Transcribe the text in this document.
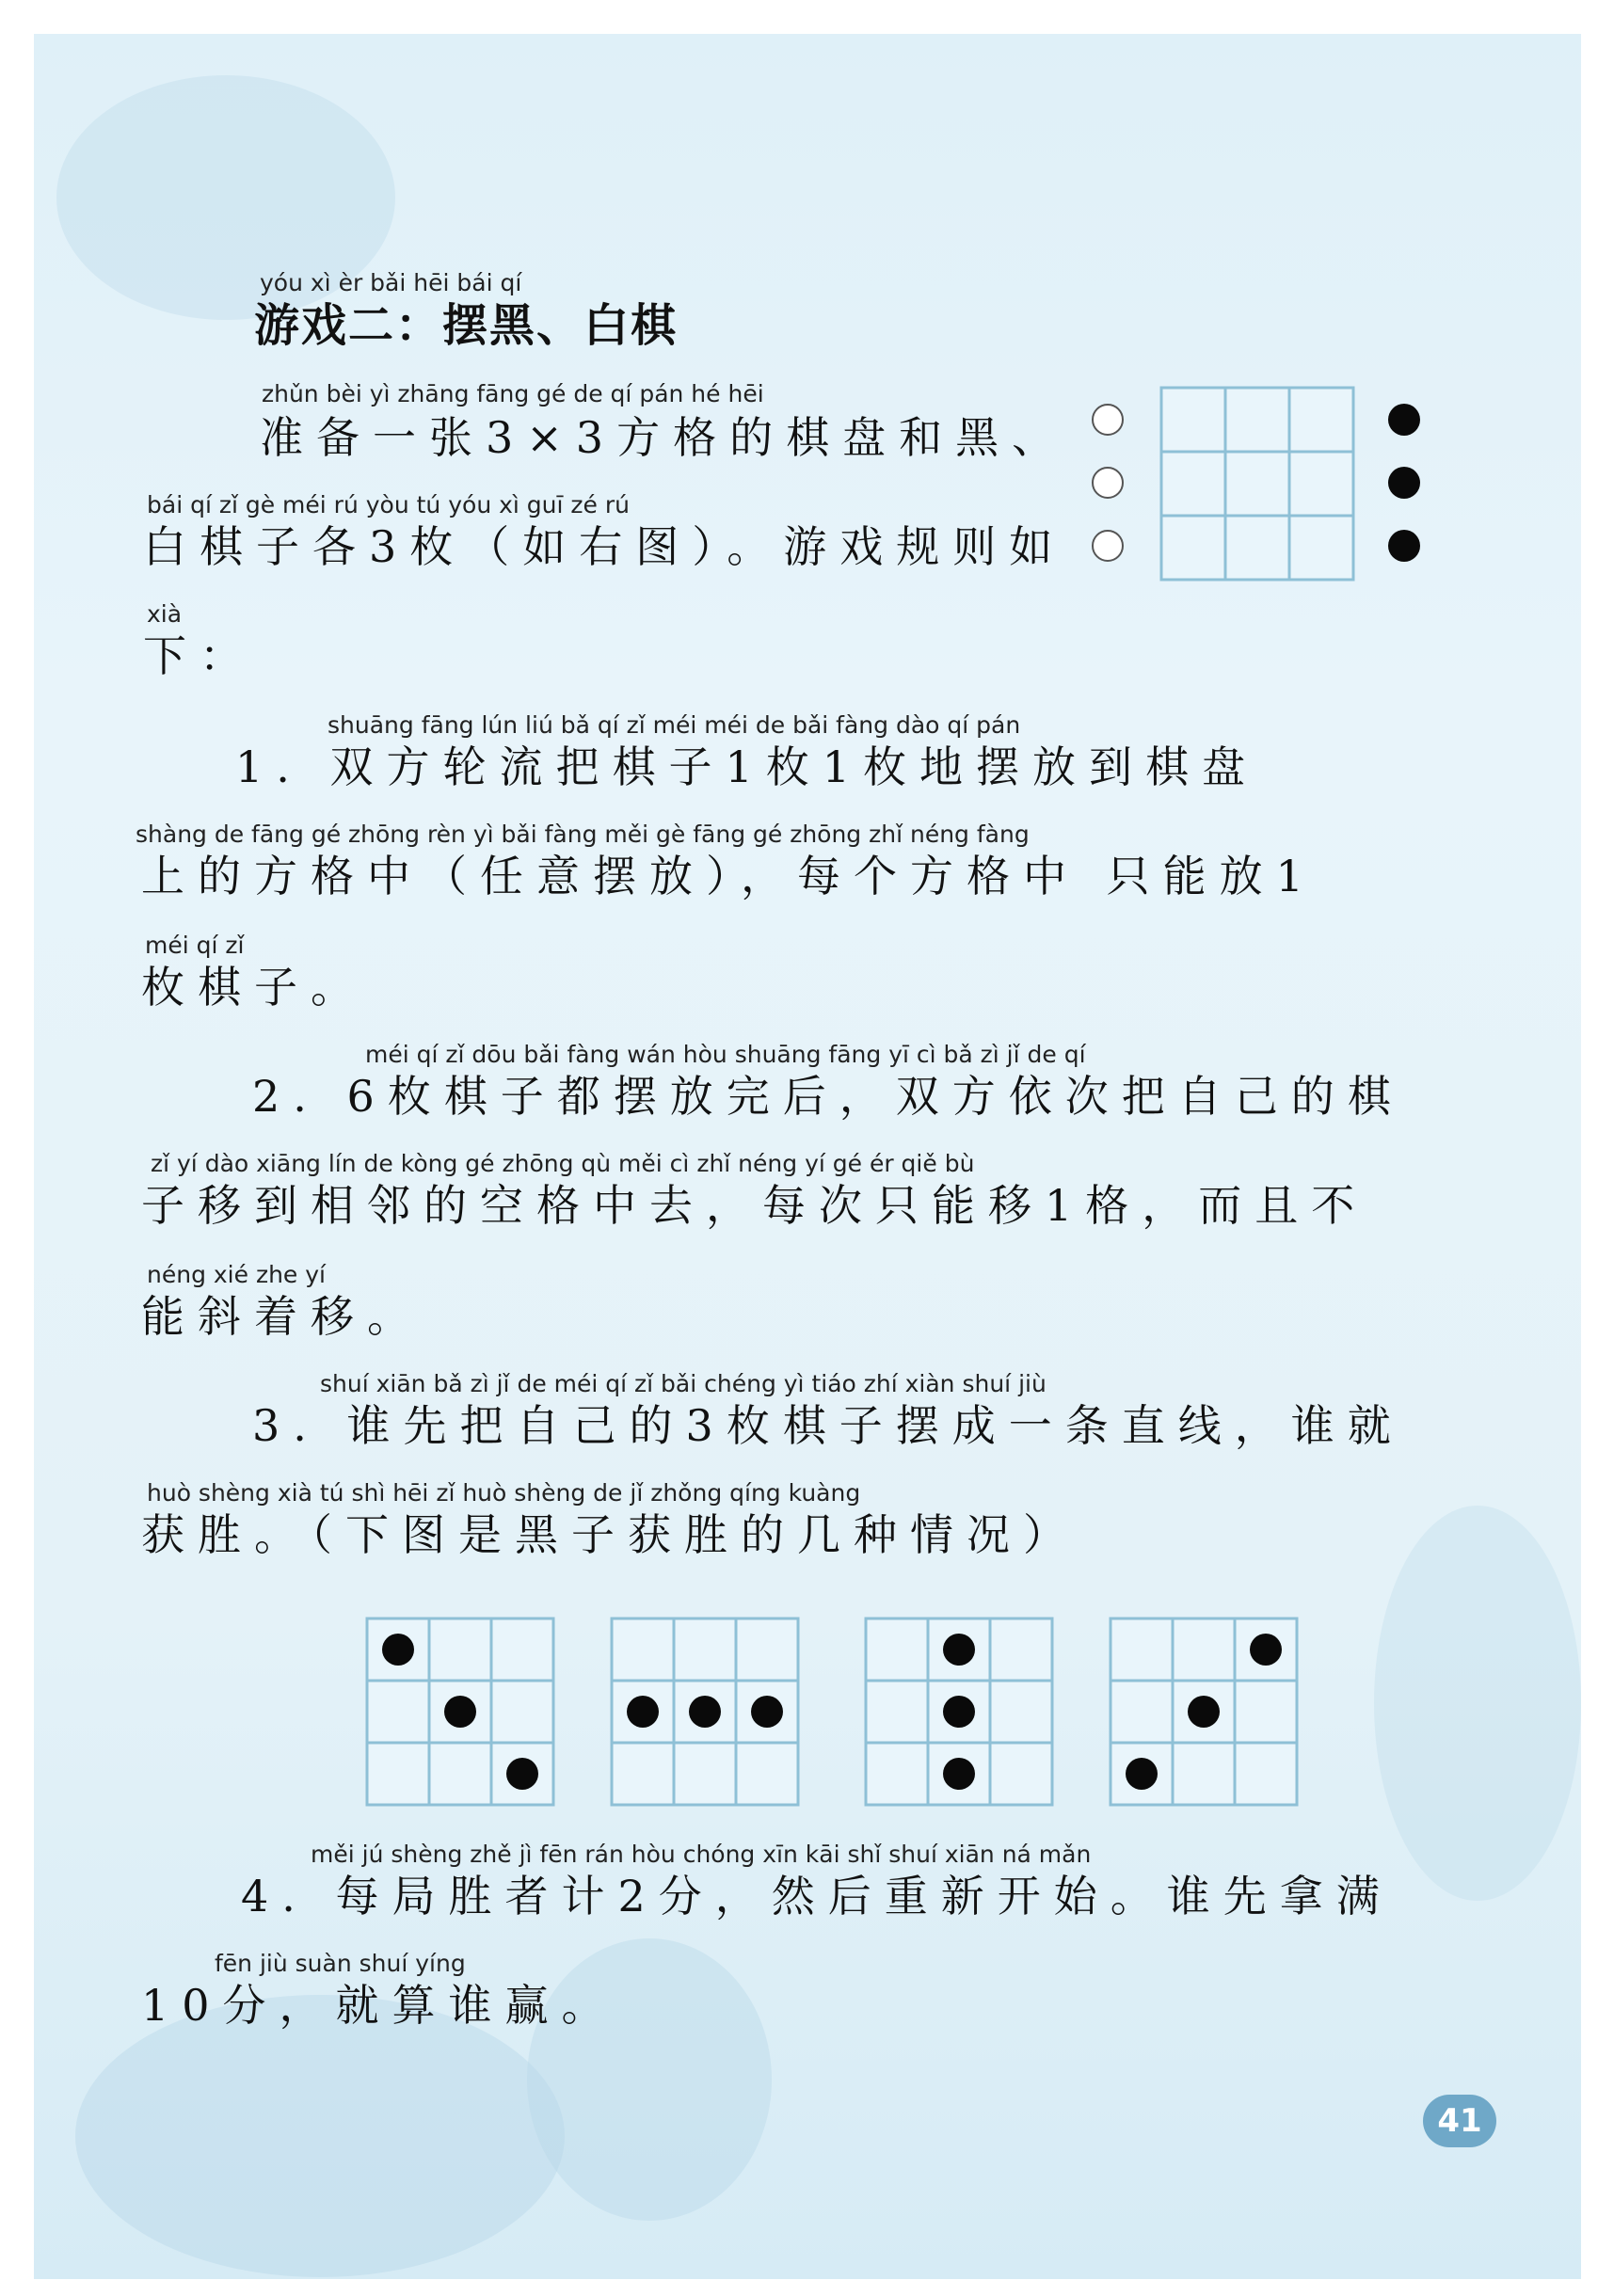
yóu xì èr bǎi hēi bái qí
游戏二：摆黑、白棋
zhǔn bèi yì zhāng fāng gé de qí pán hé hēi
准备一张3×3方格的棋盘和黑、
bái qí zǐ gè méi rú yòu tú yóu xì guī zé rú
白棋子各3枚（如右图）。游戏规则如
xià
下：
shuāng fāng lún liú bǎ qí zǐ méi méi de bǎi fàng dào qí pán
1. 双方轮流把棋子1枚1枚地摆放到棋盘
shàng de fāng gé zhōng rèn yì bǎi fàng měi gè fāng gé zhōng zhǐ néng fàng
上的方格中（任意摆放），每个方格中 只能放1
méi qí zǐ
枚棋子。
méi qí zǐ dōu bǎi fàng wán hòu shuāng fāng yī cì bǎ zì jǐ de qí
2. 6枚棋子都摆放完后，双方依次把自己的棋
zǐ yí dào xiāng lín de kòng gé zhōng qù měi cì zhǐ néng yí gé ér qiě bù
子移到相邻的空格中去，每次只能移1格，而且不
néng xié zhe yí
能斜着移。
shuí xiān bǎ zì jǐ de méi qí zǐ bǎi chéng yì tiáo zhí xiàn shuí jiù
3. 谁先把自己的3枚棋子摆成一条直线，谁就
huò shèng xià tú shì hēi zǐ huò shèng de jǐ zhǒng qíng kuàng
获胜。（下图是黑子获胜的几种情况）
měi jú shèng zhě jì fēn rán hòu chóng xīn kāi shǐ shuí xiān ná mǎn
4. 每局胜者计2分，然后重新开始。谁先拿满
fēn jiù suàn shuí yíng
10分，就算谁赢。
41
